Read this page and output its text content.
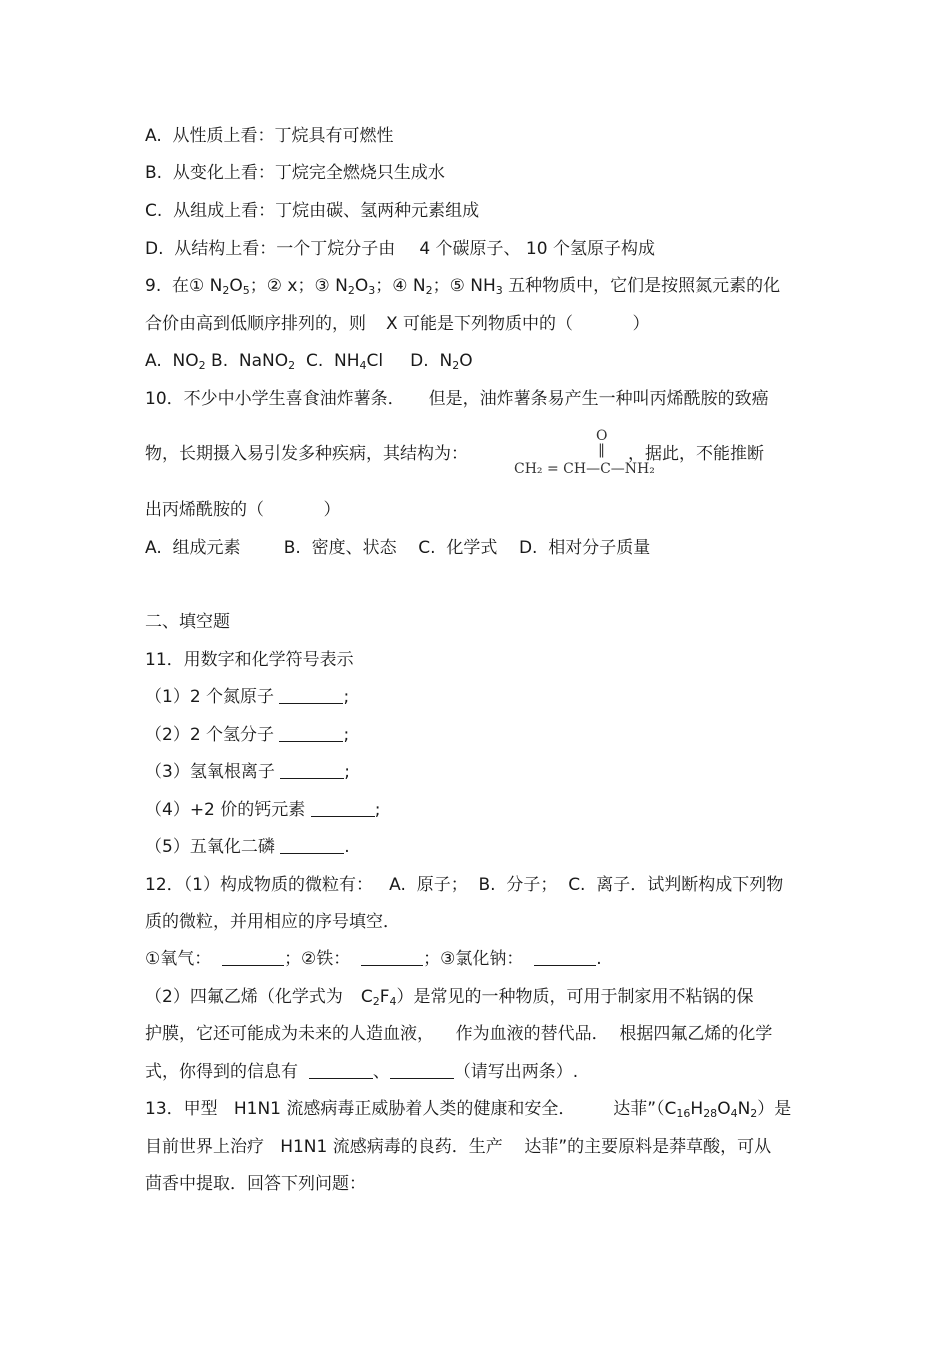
A.  从性质上看：丁烷具有可燃性
B.  从变化上看：丁烷完全燃烧只生成水
C.  从组成上看：丁烷由碳、氢两种元素组成
D.  从结构上看：一个丁烷分子由 4 个碳原子、 10 个氢原子构成
9.  在① $N_2O_5$；② x；③ $N_2O_3$；④ $N_2$；⑤ $NH_3$ 五种物质中，它们是按照氮元素的化
合价由高到低顺序排列的，则 X 可能是下列物质中的（           ）
A.  $NO_2$ B.  NaNO$_2$  C.  $NH_4Cl$     D.  $N_2O$
10．不少中小学生喜食油炸薯条． 但是，油炸薯条易产生一种叫丙烯酰胺的致癌
物，长期摄入易引发多种疾病，其结构为：	，据此，不能推断
O
‖
CH₂ = CH—C—NH₂
出丙烯酰胺的（           ）
A.  组成元素        B.  密度、状态    C.  化学式    D.  相对分子质量
二、填空题
11．用数字和化学符号表示
（1）2 个氮原子	;
（2）2 个氢分子	;
（3）氢氧根离子	;
（4）+2 价的钙元素	;
（5）五氧化二磷	.
12．（1）构成物质的微粒有：   A.  原子；  B.  分子；  C.  离子．试判断构成下列物
质的微粒，并用相应的序号填空．
①氧气：	；②铁：	；③氯化钠：	.
（2）四氟乙烯（化学式为 $C_2F_4$）是常见的一种物质，可用于制家用不粘锅的保
护膜，它还可能成为未来的人造血液，    作为血液的替代品．  根据四氟乙烯的化学
式，你得到的信息有	、	（请写出两条）.
13．甲型   H1N1 流感病毒正威胁着人类的健康和安全．       达菲$”(C_{16}H_{28}O_4N_2)$是
目前世界上治疗   H1N1 流感病毒的良药．生产    达菲”的主要原料是莽草酸，可从
茴香中提取．回答下列问题：
